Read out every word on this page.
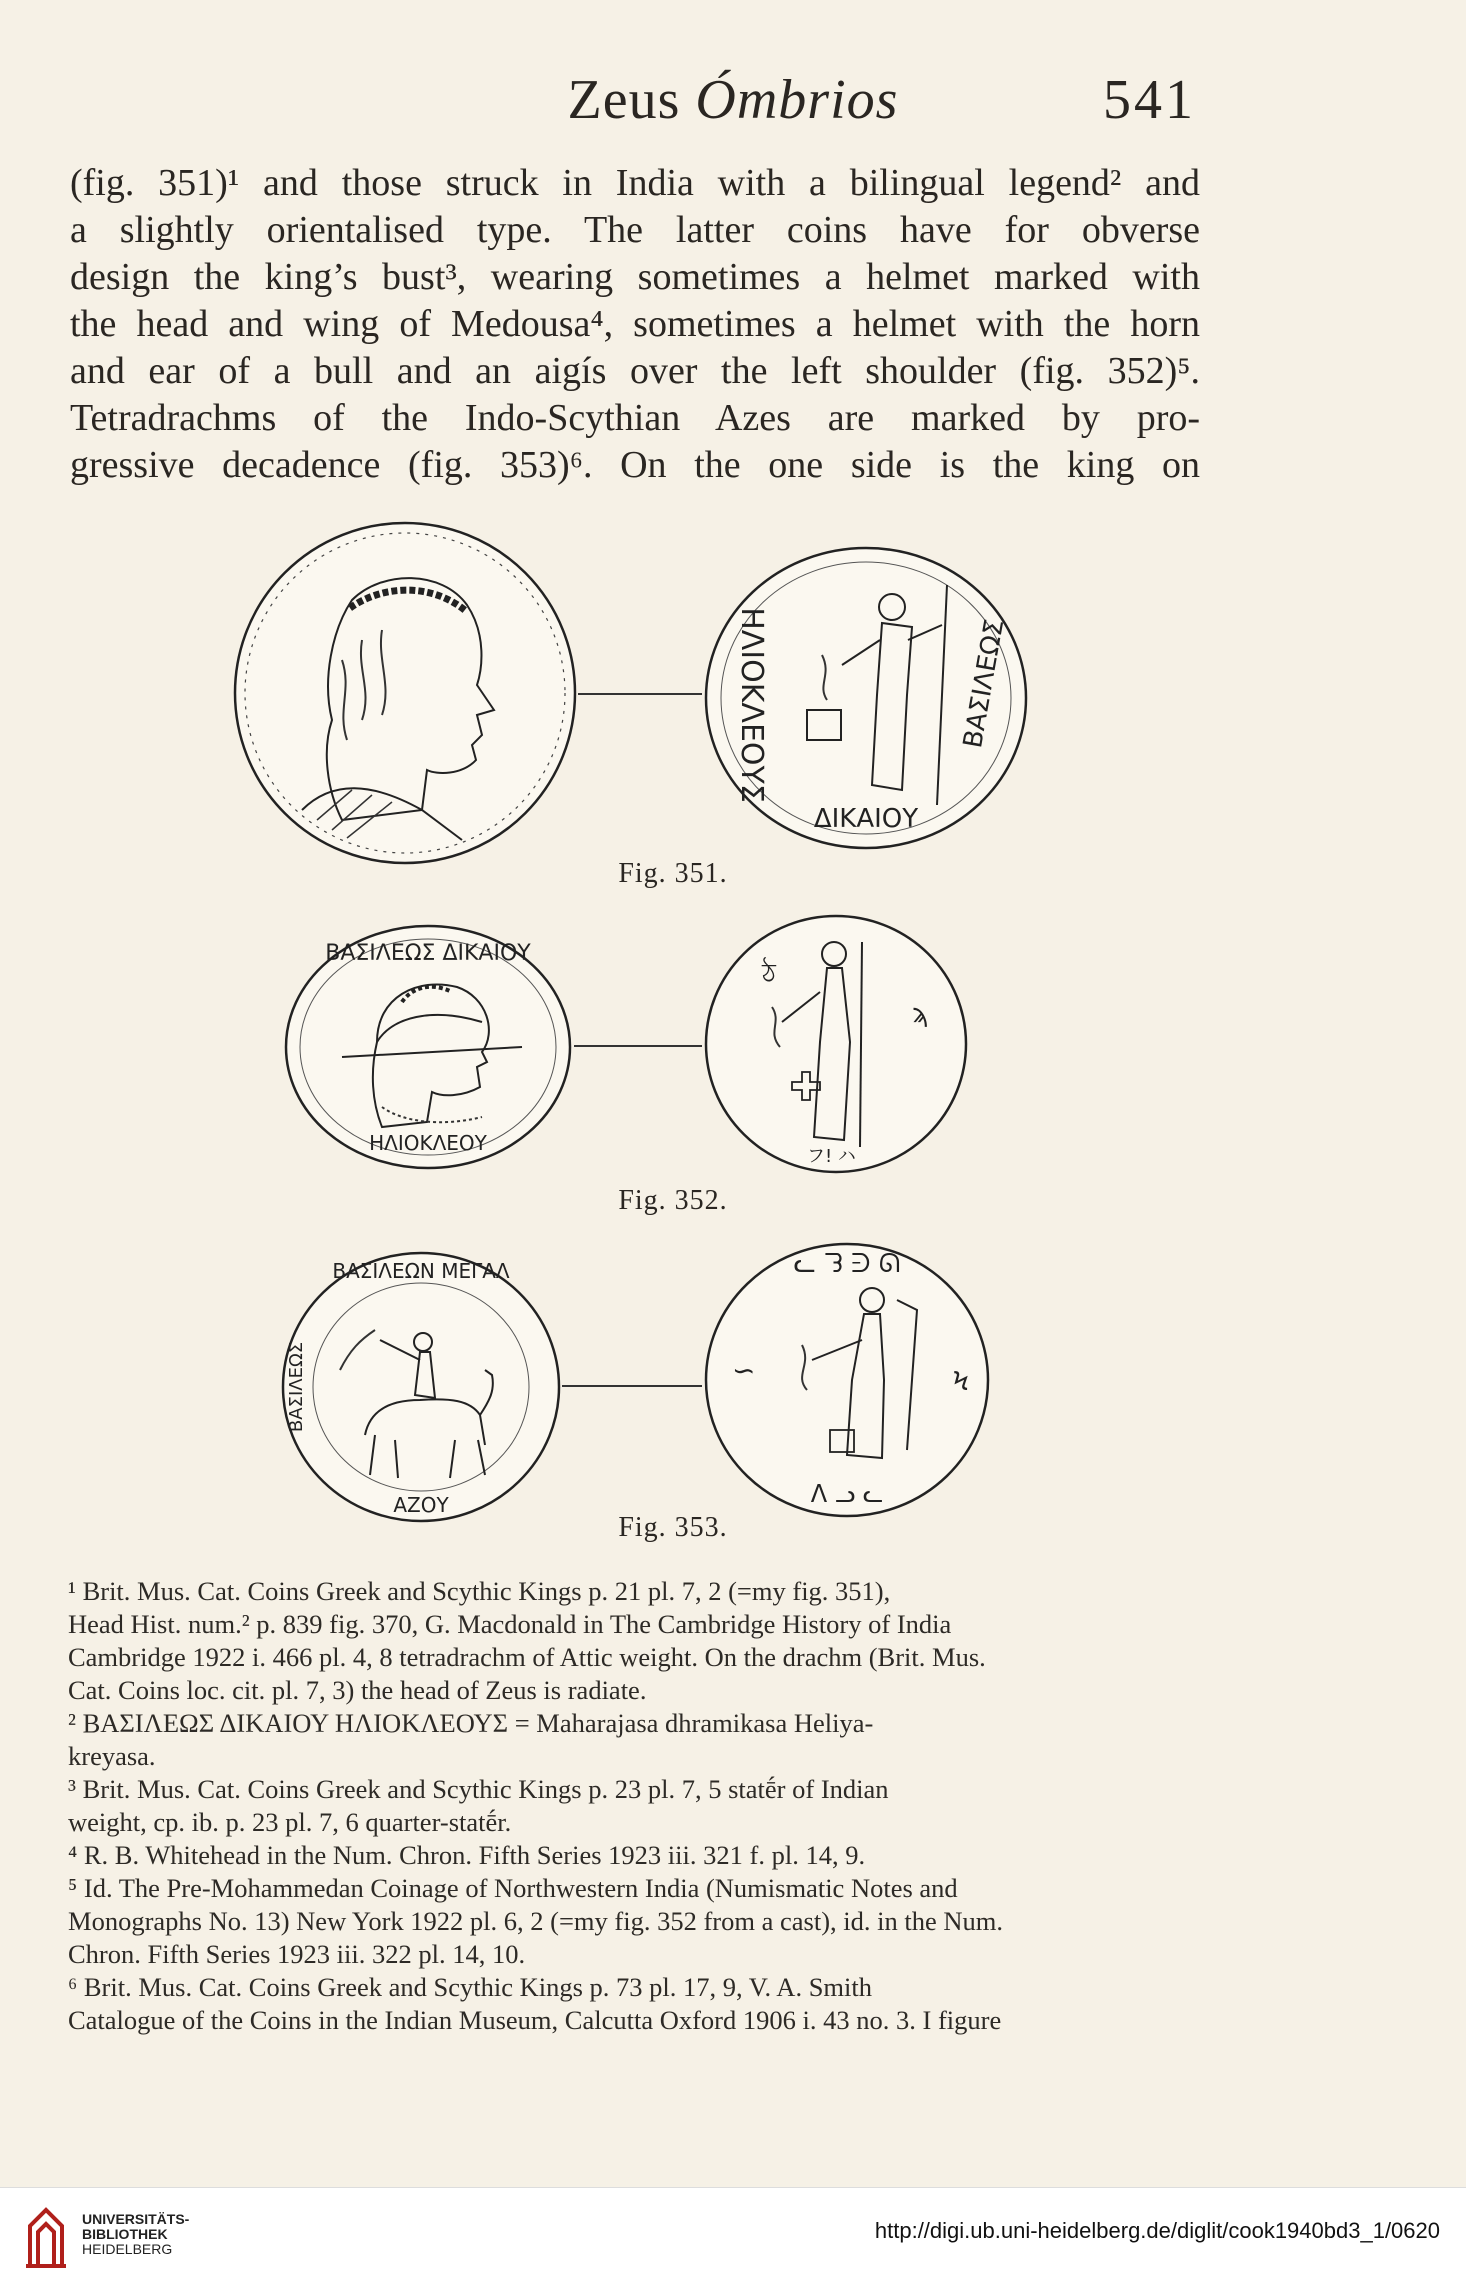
Zeus Ómbrios	541
(fig. 351)¹ and those struck in India with a bilingual legend² and
a slightly orientalised type. The latter coins have for obverse
design the king’s bust³, wearing sometimes a helmet marked with
the head and wing of Medousa⁴, sometimes a helmet with the horn
and ear of a bull and an aigís over the left shoulder (fig. 352)⁵.
Tetradrachms of the Indo-Scythian Azes are marked by pro-
gressive decadence (fig. 353)⁶. On the one side is the king on
ΗΛΙΟΚΛΕΟΥΣ	ΒΑΣΙΛΕΩΣ
ΔΙΚΑΙΟΥ
Fig. 351.
ΒΑΣΙΛΕΩΣ ΔΙΚΑΙΟΥ
ΗΛΙΟΚΛΕΟΥ
ঠ
ϡ
フ! ハ
Fig. 352.
ΒΑΣΙΛΕΩΝ ΜΕΓΑΛ
ΑΖΟΥ
ΒΑΣΙΛΕΩΣ
ᓚ ᘊ ᕭ ᘏ
∽	Ϟ
ᐱ ᓗ ᓚ
Fig. 353.
¹ Brit. Mus. Cat. Coins Greek and Scythic Kings p. 21 pl. 7, 2 (=my fig. 351),
Head Hist. num.² p. 839 fig. 370, G. Macdonald in The Cambridge History of India
Cambridge 1922 i. 466 pl. 4, 8 tetradrachm of Attic weight. On the drachm (Brit. Mus.
Cat. Coins loc. cit. pl. 7, 3) the head of Zeus is radiate.
² ΒΑΣΙΛΕΩΣ ΔΙΚΑΙΟΥ ΗΛΙΟΚΛΕΟΥΣ = Maharajasa dhramikasa Heliya-
kreyasa.
³ Brit. Mus. Cat. Coins Greek and Scythic Kings p. 23 pl. 7, 5 statḗr of Indian
weight, cp. ib. p. 23 pl. 7, 6 quarter-statḗr.
⁴ R. B. Whitehead in the Num. Chron. Fifth Series 1923 iii. 321 f. pl. 14, 9.
⁵ Id. The Pre-Mohammedan Coinage of Northwestern India (Numismatic Notes and
Monographs No. 13) New York 1922 pl. 6, 2 (=my fig. 352 from a cast), id. in the Num.
Chron. Fifth Series 1923 iii. 322 pl. 14, 10.
⁶ Brit. Mus. Cat. Coins Greek and Scythic Kings p. 73 pl. 17, 9, V. A. Smith
Catalogue of the Coins in the Indian Museum, Calcutta Oxford 1906 i. 43 no. 3. I figure
UNIVERSITÄTS-
BIBLIOTHEK
HEIDELBERG
http://digi.ub.uni-heidelberg.de/diglit/cook1940bd3_1/0620
